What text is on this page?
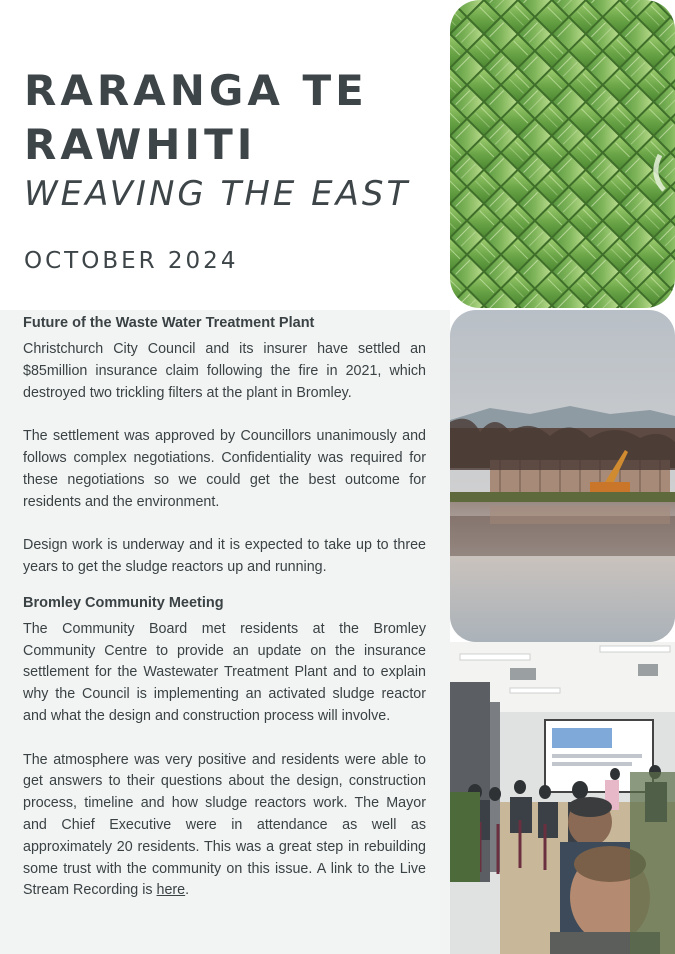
RARANGA TE
RAWHITI
WEAVING THE EAST
OCTOBER 2024
Future of the Waste Water Treatment Plant

Christchurch City Council and its insurer have settled an $85million insurance claim following the fire in 2021, which destroyed two trickling filters at the plant in Bromley.

The settlement was approved by Councillors unanimously and follows complex negotiations. Confidentiality was required for these negotiations so we could get the best outcome for residents and the environment.

Design work is underway and it is expected to take up to three years to get the sludge reactors up and running.

Bromley Community Meeting

The Community Board met residents at the Bromley Community Centre to provide an update on the insurance settlement for the Wastewater Treatment Plant and to explain why the Council is implementing an activated sludge reactor and what the design and construction process will involve.

The atmosphere was very positive and residents were able to get answers to their questions about the design, construction process, timeline and how sludge reactors work. The Mayor and Chief Executive were in attendance as well as approximately 20 residents. This was a great step in rebuilding some trust with the community on this issue. A link to the Live Stream Recording is here.
